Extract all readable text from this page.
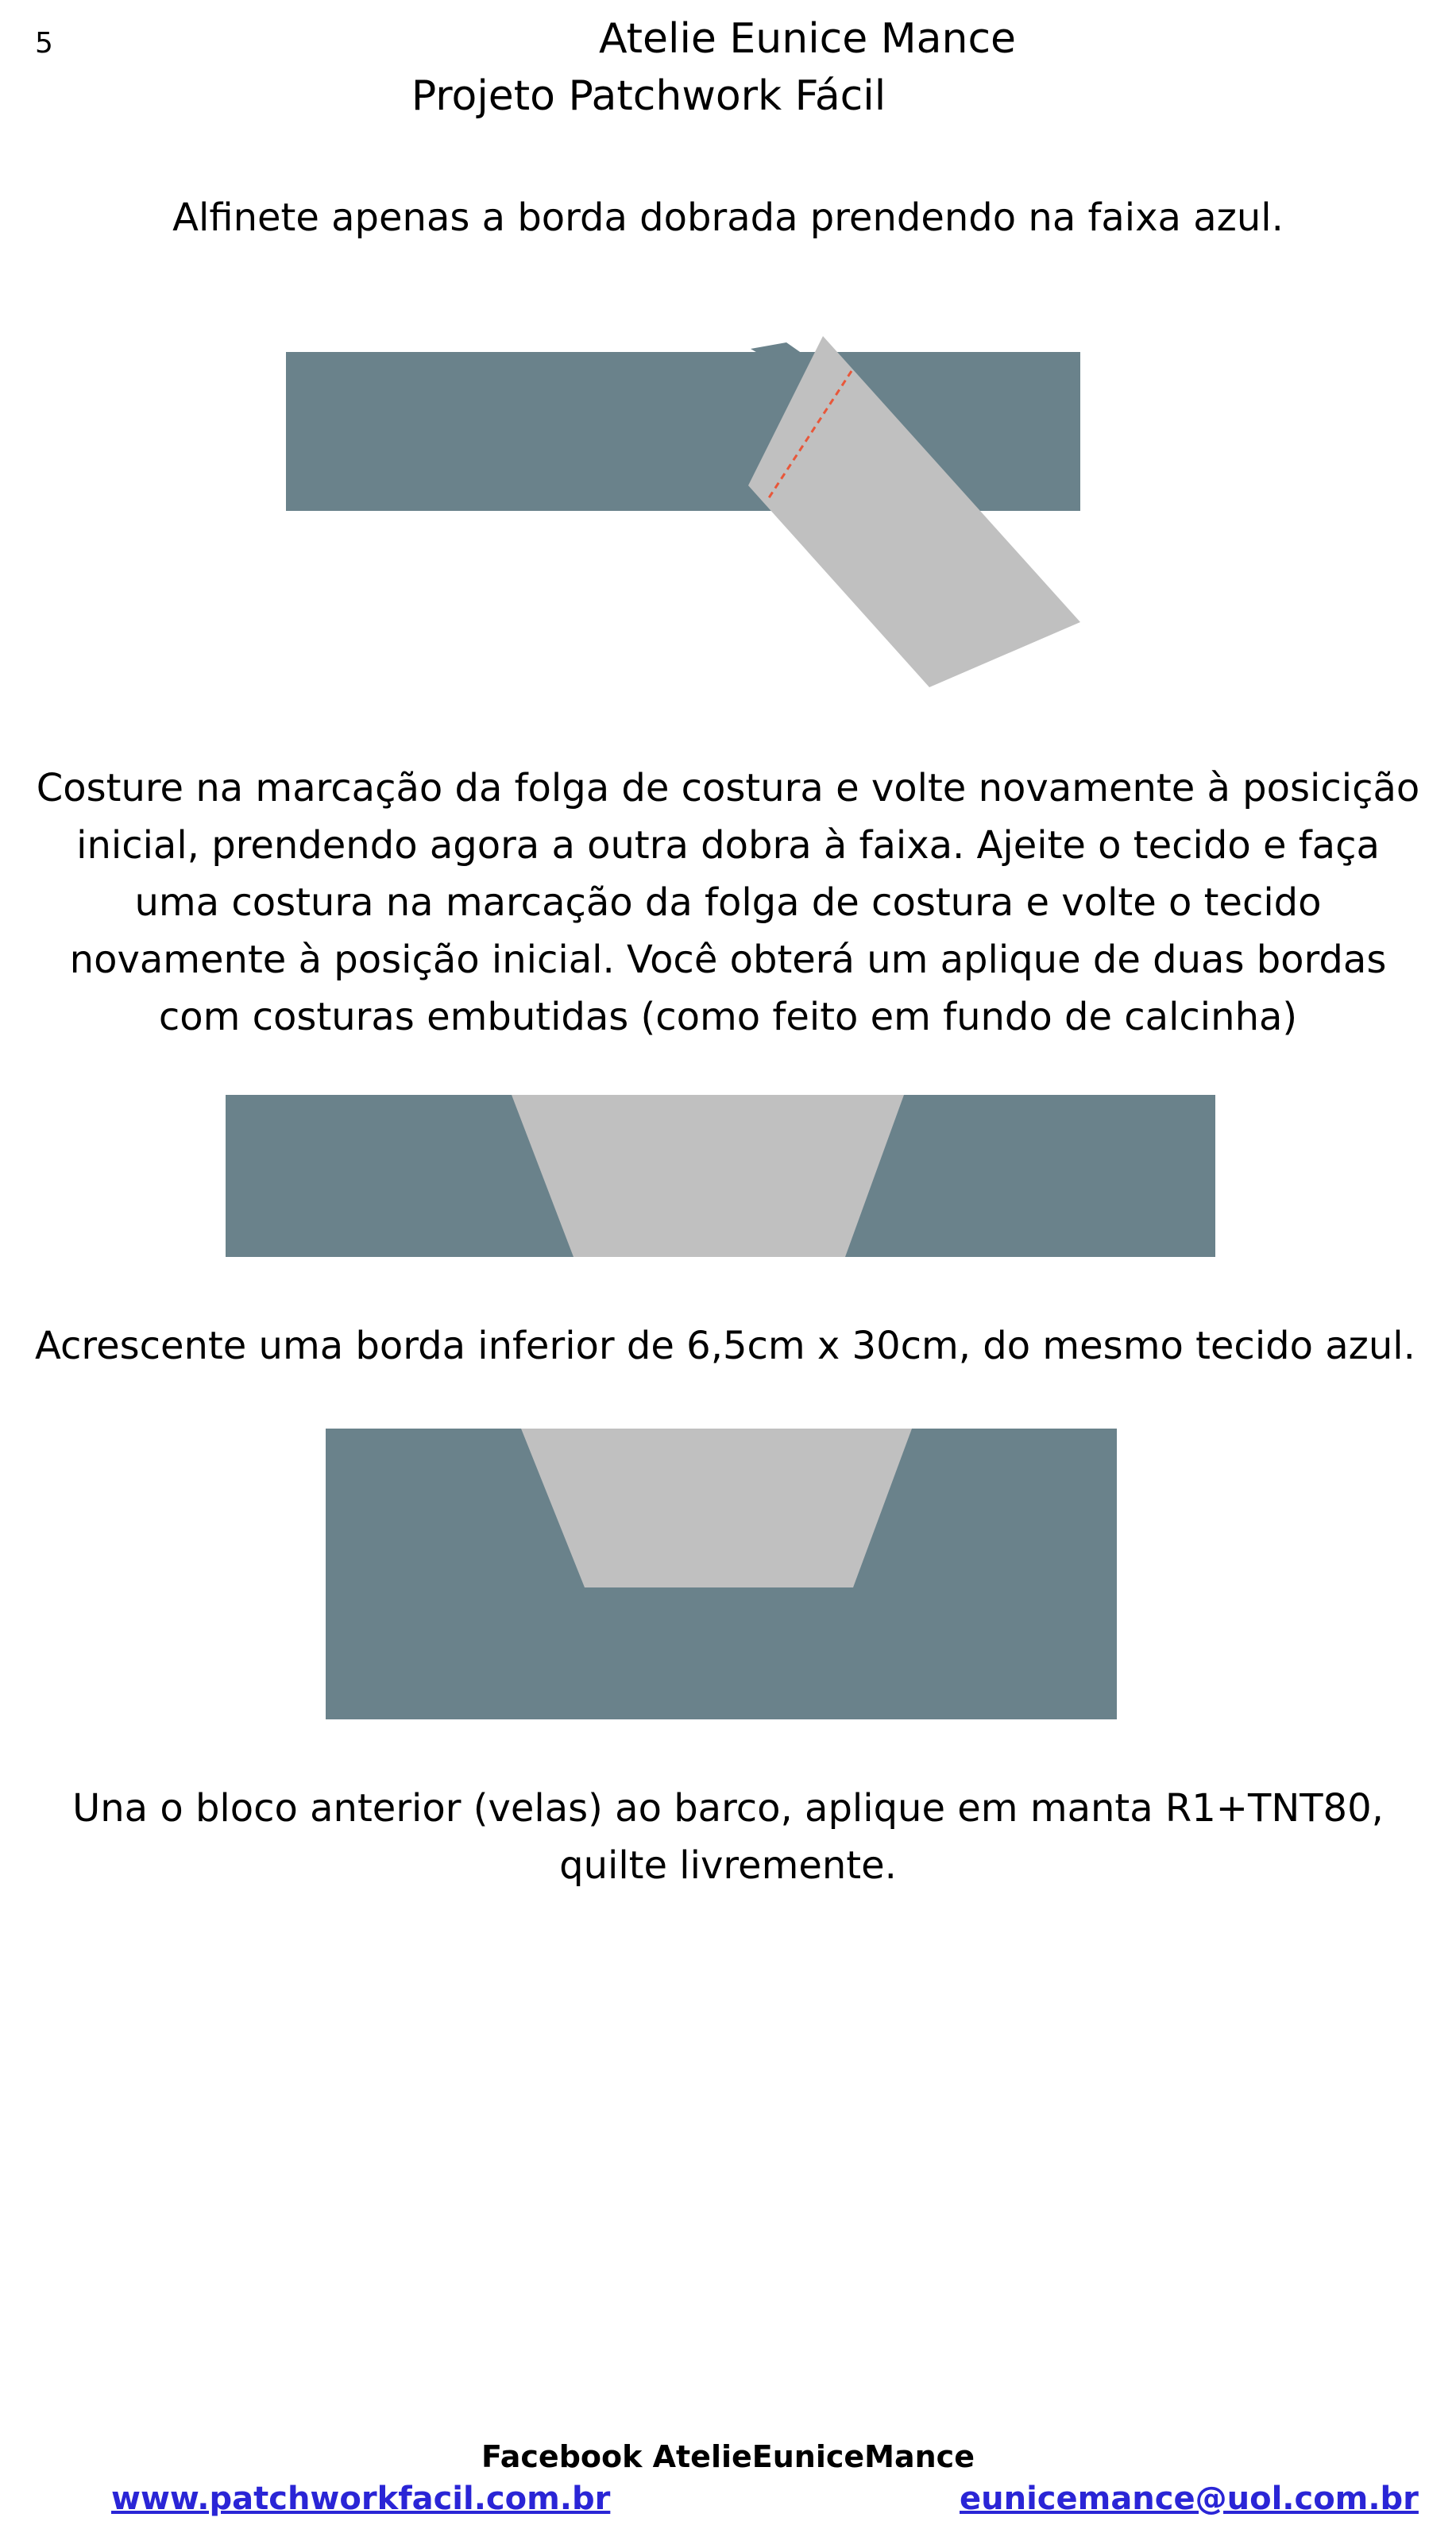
5	Atelie Eunice Mance
Projeto Patchwork Fácil
Alfinete apenas a borda dobrada prendendo na faixa azul.
Costure na marcação da folga de costura e volte novamente à posicição inicial, prendendo agora a outra dobra à faixa. Ajeite o tecido e faça uma costura na marcação da folga de costura e volte o tecido novamente à posição inicial. Você obterá um aplique de duas bordas com costuras embutidas (como feito em fundo de calcinha)
Acrescente uma borda inferior de 6,5cm x 30cm, do mesmo tecido azul.
Una o bloco anterior (velas) ao barco, aplique em manta R1+TNT80, quilte livremente.
Facebook AtelieEuniceMance
www.patchworkfacil.com.br	eunicemance@uol.com.br
